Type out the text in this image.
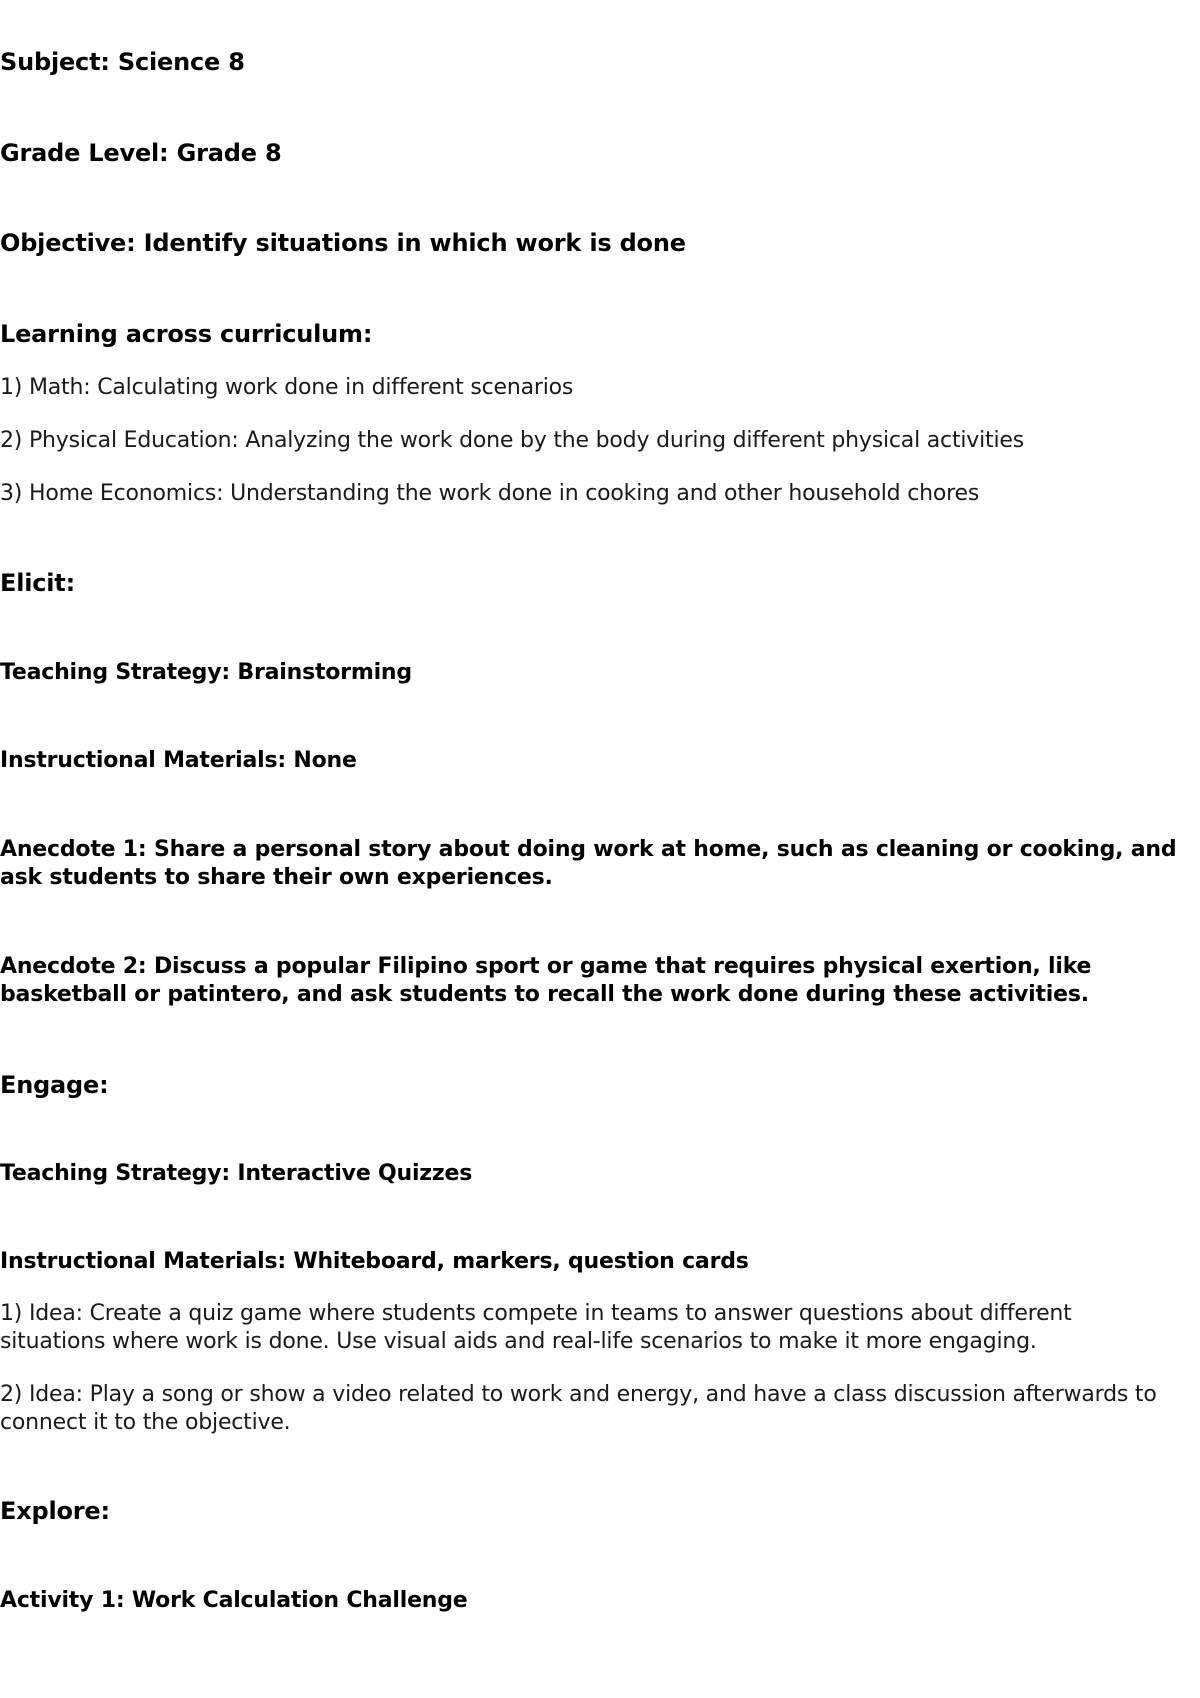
Subject: Science 8

Grade Level: Grade 8

Objective: Identify situations in which work is done

Learning across curriculum:

1) Math: Calculating work done in different scenarios

2) Physical Education: Analyzing the work done by the body during different physical activities

3) Home Economics: Understanding the work done in cooking and other household chores

Elicit:

Teaching Strategy: Brainstorming

Instructional Materials: None

Anecdote 1: Share a personal story about doing work at home, such as cleaning or cooking, and ask students to share their own experiences.

Anecdote 2: Discuss a popular Filipino sport or game that requires physical exertion, like basketball or patintero, and ask students to recall the work done during these activities.

Engage:

Teaching Strategy: Interactive Quizzes

Instructional Materials: Whiteboard, markers, question cards

1) Idea: Create a quiz game where students compete in teams to answer questions about different situations where work is done. Use visual aids and real-life scenarios to make it more engaging.

2) Idea: Play a song or show a video related to work and energy, and have a class discussion afterwards to connect it to the objective.

Explore:

Activity 1: Work Calculation Challenge
